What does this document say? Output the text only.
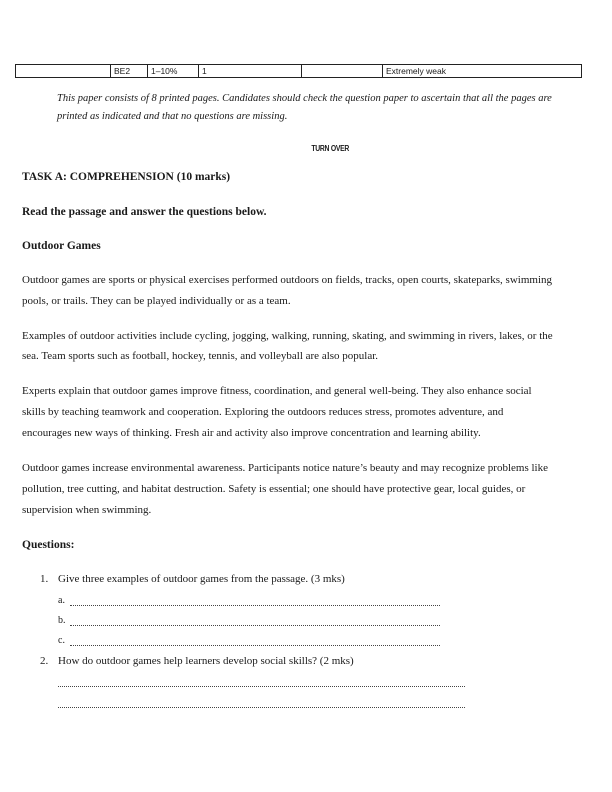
	BE2	1–10%	1		Extremely weak
This paper consists of 8 printed pages. Candidates should check the question paper to ascertain that all the pages are
printed as indicated and that no questions are missing.
TURN OVER
TASK A: COMPREHENSION (10 marks)
Read the passage and answer the questions below.
Outdoor Games
Outdoor games are sports or physical exercises performed outdoors on fields, tracks, open courts, skateparks, swimming
pools, or trails. They can be played individually or as a team.
Examples of outdoor activities include cycling, jogging, walking, running, skating, and swimming in rivers, lakes, or the
sea. Team sports such as football, hockey, tennis, and volleyball are also popular.
Experts explain that outdoor games improve fitness, coordination, and general well-being. They also enhance social
skills by teaching teamwork and cooperation. Exploring the outdoors reduces stress, promotes adventure, and
encourages new ways of thinking. Fresh air and activity also improve concentration and learning ability.
Outdoor games increase environmental awareness. Participants notice nature’s beauty and may recognize problems like
pollution, tree cutting, and habitat destruction. Safety is essential; one should have protective gear, local guides, or
supervision when swimming.
Questions:
1. Give three examples of outdoor games from the passage. (3 mks)
a.
b.
c.
2. How do outdoor games help learners develop social skills? (2 mks)
